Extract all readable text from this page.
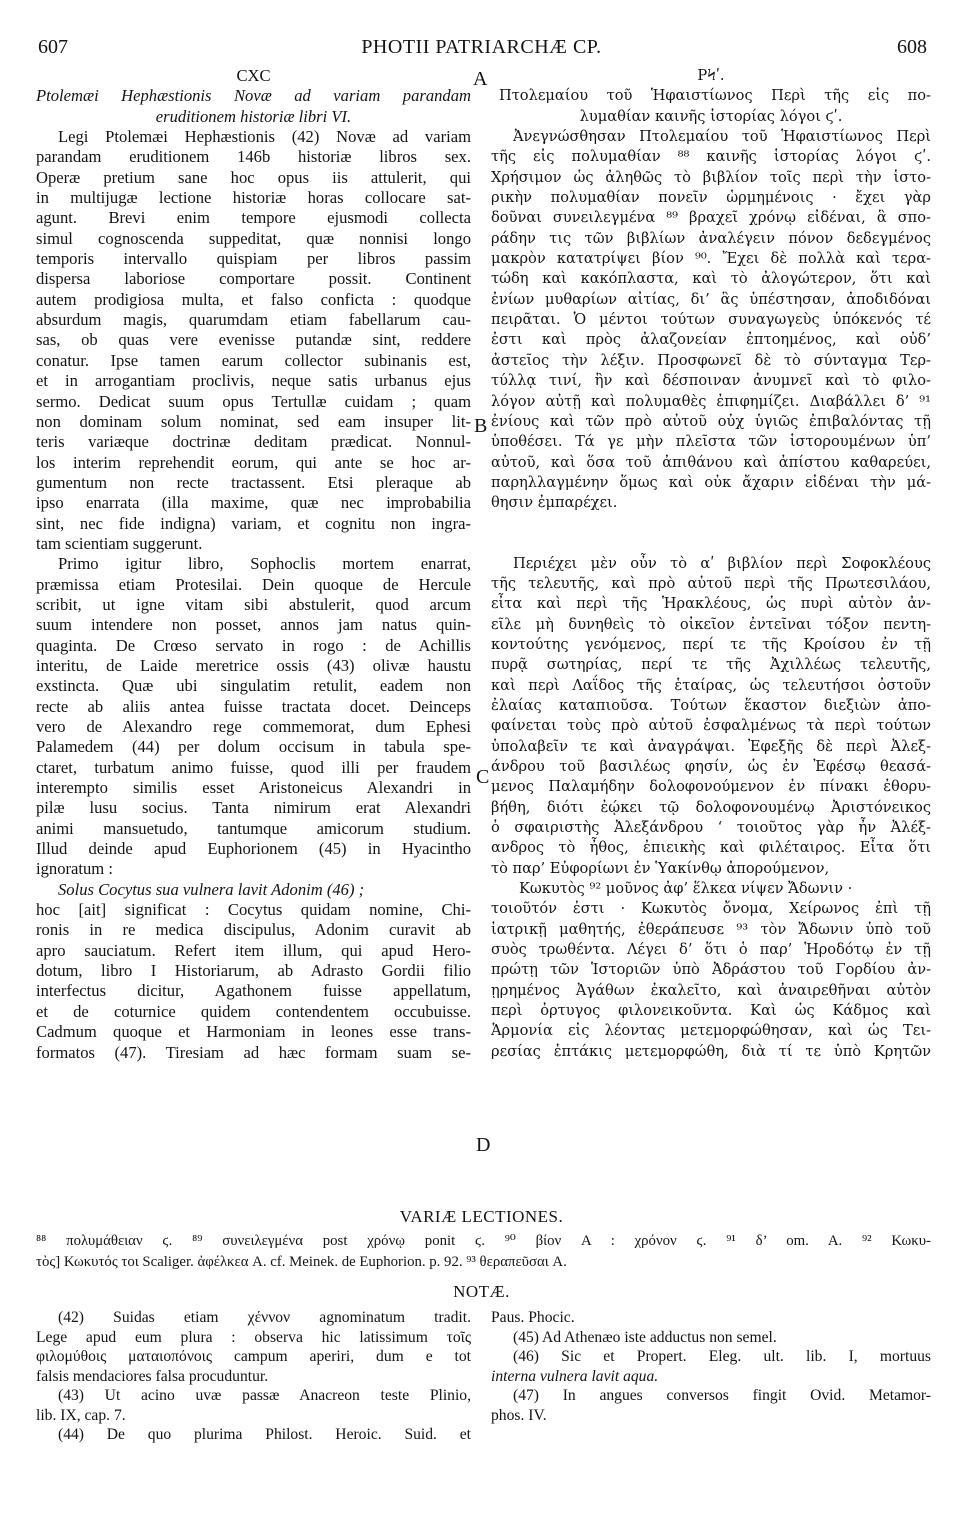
607	PHOTII PATRIARCHÆ CP.	608
A
B
C
D
CXC
Ptolemæi Hephæstionis Novæ ad variam parandam
eruditionem historiæ libri VI.
Legi Ptolemæi Hephæstionis (42) Novæ ad variam
parandam eruditionem 146b historiæ libros sex.
Operæ pretium sane hoc opus iis attulerit, qui
in multijugæ lectione historiæ horas collocare sat-
agunt. Brevi enim tempore ejusmodi collecta
simul cognoscenda suppeditat, quæ nonnisi longo
temporis intervallo quispiam per libros passim
dispersa laboriose comportare possit. Continent
autem prodigiosa multa, et falso conficta : quodque
absurdum magis, quarumdam etiam fabellarum cau-
sas, ob quas vere evenisse putandæ sint, reddere
conatur. Ipse tamen earum collector subinanis est,
et in arrogantiam proclivis, neque satis urbanus ejus
sermo. Dedicat suum opus Tertullæ cuidam ; quam
non dominam solum nominat, sed eam insuper lit-
teris variæque doctrinæ deditam prædicat. Nonnul-
los interim reprehendit eorum, qui ante se hoc ar-
gumentum non recte tractassent. Etsi pleraque ab
ipso enarrata (illa maxime, quæ nec improbabilia
sint, nec fide indigna) variam, et cognitu non ingra-
tam scientiam suggerunt.
Primo igitur libro, Sophoclis mortem enarrat,
præmissa etiam Protesilai. Dein quoque de Hercule
scribit, ut igne vitam sibi abstulerit, quod arcum
suum intendere non posset, annos jam natus quin-
quaginta. De Crœso servato in rogo : de Achillis
interitu, de Laide meretrice ossis (43) olivæ haustu
exstincta. Quæ ubi singulatim retulit, eadem non
recte ab aliis antea fuisse tractata docet. Deinceps
vero de Alexandro rege commemorat, dum Ephesi
Palamedem (44) per dolum occisum in tabula spe-
ctaret, turbatum animo fuisse, quod illi per fraudem
interempto similis esset Aristoneicus Alexandri in
pilæ lusu socius. Tanta nimirum erat Alexandri
animi mansuetudo, tantumque amicorum studium.
Illud deinde apud Euphorionem (45) in Hyacintho
ignoratum :
Solus Cocytus sua vulnera lavit Adonim (46) ;
hoc [ait] significat : Cocytus quidam nomine, Chi-
ronis in re medica discipulus, Adonim curavit ab
apro sauciatum. Refert item illum, qui apud Hero-
dotum, libro I Historiarum, ab Adrasto Gordii filio
interfectus dicitur, Agathonem fuisse appellatum,
et de coturnice quidem contendentem occubuisse.
Cadmum quoque et Harmoniam in leones esse trans-
formatos (47). Tiresiam ad hæc formam suam se-
ΡϞʹ.
Πτολεμαίου τοῦ Ἡφαιστίωνος Περὶ τῆς εἰς πο-
λυμαθίαν καινῆς ἱστορίας λόγοι ϛʹ.
Ἀνεγνώσθησαν Πτολεμαίου τοῦ Ἡφαιστίωνος Περὶ
τῆς εἰς πολυμαθίαν ⁸⁸ καινῆς ἱστορίας λόγοι ϛʹ.
Χρήσιμον ὡς ἀληθῶς τὸ βιβλίον τοῖς περὶ τὴν ἱστο-
ρικὴν πολυμαθίαν πονεῖν ὡρμημένοις · ἔχει γὰρ
δοῦναι συνειλεγμένα ⁸⁹ βραχεῖ χρόνῳ εἰδέναι, ἃ σπο-
ράδην τις τῶν βιβλίων ἀναλέγειν πόνον δεδεγμένος
μακρὸν κατατρίψει βίον ⁹⁰. Ἔχει δὲ πολλὰ καὶ τερα-
τώδη καὶ κακόπλαστα, καὶ τὸ ἀλογώτερον, ὅτι καὶ
ἐνίων μυθαρίων αἰτίας, δι’ ἃς ὑπέστησαν, ἀποδιδόναι
πειρᾶται. Ὁ μέντοι τούτων συναγωγεὺς ὑπόκενός τέ
ἐστι καὶ πρὸς ἀλαζονείαν ἐπτοημένος, καὶ οὐδ’
ἀστεῖος τὴν λέξιν. Προσφωνεῖ δὲ τὸ σύνταγμα Τερ-
τύλλᾳ τινί, ἣν καὶ δέσποιναν ἀνυμνεῖ καὶ τὸ φιλο-
λόγον αὐτῇ καὶ πολυμαθὲς ἐπιφημίζει. Διαβάλλει δ’ ⁹¹
ἐνίους καὶ τῶν πρὸ αὐτοῦ οὐχ ὑγιῶς ἐπιβαλόντας τῇ
ὑποθέσει. Τά γε μὴν πλεῖστα τῶν ἱστορουμένων ὑπ’
αὐτοῦ, καὶ ὅσα τοῦ ἀπιθάνου καὶ ἀπίστου καθαρεύει,
παρηλλαγμένην ὅμως καὶ οὐκ ἄχαριν εἰδέναι τὴν μά-
θησιν ἐμπαρέχει.
Περιέχει μὲν οὖν τὸ αʹ βιβλίον περὶ Σοφοκλέους
τῆς τελευτῆς, καὶ πρὸ αὐτοῦ περὶ τῆς Πρωτεσιλάου,
εἶτα καὶ περὶ τῆς Ἡρακλέους, ὡς πυρὶ αὑτὸν ἀν-
εῖλε μὴ δυνηθεὶς τὸ οἰκεῖον ἐντεῖναι τόξον πεντη-
κοντούτης γενόμενος, περί τε τῆς Κροίσου ἐν τῇ
πυρᾷ σωτηρίας, περί τε τῆς Ἀχιλλέως τελευτῆς,
καὶ περὶ Λαΐδος τῆς ἑταίρας, ὡς τελευτήσοι ὀστοῦν
ἐλαίας καταπιοῦσα. Τούτων ἕκαστον διεξιὼν ἀπο-
φαίνεται τοὺς πρὸ αὐτοῦ ἐσφαλμένως τὰ περὶ τούτων
ὑπολαβεῖν τε καὶ ἀναγράψαι. Ἐφεξῆς δὲ περὶ Ἀλεξ-
άνδρου τοῦ βασιλέως φησίν, ὡς ἐν Ἐφέσῳ θεασά-
μενος Παλαμήδην δολοφονούμενον ἐν πίνακι ἐθορυ-
βήθη, διότι ἐῴκει τῷ δολοφονουμένῳ Ἀριστόνεικος
ὁ σφαιριστὴς Ἀλεξάνδρου ‘ τοιοῦτος γὰρ ἦν Ἀλέξ-
ανδρος τὸ ἦθος, ἐπιεικὴς καὶ φιλέταιρος. Εἶτα ὅτι
τὸ παρ’ Εὐφορίωνι ἐν Ὑακίνθῳ ἀπορούμενον,
Κωκυτὸς ⁹² μοῦνος ἀφ’ ἕλκεα νίψεν Ἄδωνιν ·
τοιοῦτόν ἐστι · Κωκυτὸς ὄνομα, Χείρωνος ἐπὶ τῇ
ἰατρικῇ μαθητής, ἐθεράπευσε ⁹³ τὸν Ἄδωνιν ὑπὸ τοῦ
συὸς τρωθέντα. Λέγει δ’ ὅτι ὁ παρ’ Ἡροδότῳ ἐν τῇ
πρώτῃ τῶν Ἱστοριῶν ὑπὸ Ἀδράστου τοῦ Γορδίου ἀν-
ῃρημένος Ἀγάθων ἐκαλεῖτο, καὶ ἀναιρεθῆναι αὐτὸν
περὶ ὀρτυγος φιλονεικοῦντα. Καὶ ὡς Κάδμος καὶ
Ἁρμονία εἰς λέοντας μετεμορφώθησαν, καὶ ὡς Τει-
ρεσίας ἑπτάκις μετεμορφώθη, διὰ τί τε ὑπὸ Κρητῶν
VARIÆ LECTIONES.
⁸⁸ πολυμάθειαν ϛ. ⁸⁹ συνειλεγμένα post χρόνῳ ponit ϛ. ⁹⁰ βίον A : χρόνον ϛ. ⁹¹ δ’ om. A. ⁹² Κωκυ-
τὸς] Κωκυτός τοι Scaliger. ἀφέλκεα A. cf. Meinek. de Euphorion. p. 92. ⁹³ θεραπεῦσαι A.
NOTÆ.
(42) Suidas etiam χέννον agnominatum tradit.
Lege apud eum plura : observa hic latissimum τοῖς
φιλομύθοις ματαιοπόνοις campum aperiri, dum e tot
falsis mendaciores falsa procuduntur.
(43) Ut acino uvæ passæ Anacreon teste Plinio,
lib. IX, cap. 7.
(44) De quo plurima Philost. Heroic. Suid. et
Paus. Phocic.
(45) Ad Athenæo iste adductus non semel.
(46) Sic et Propert. Eleg. ult. lib. I, mortuus
interna vulnera lavit aqua.
(47) In angues conversos fingit Ovid. Metamor-
phos. IV.
